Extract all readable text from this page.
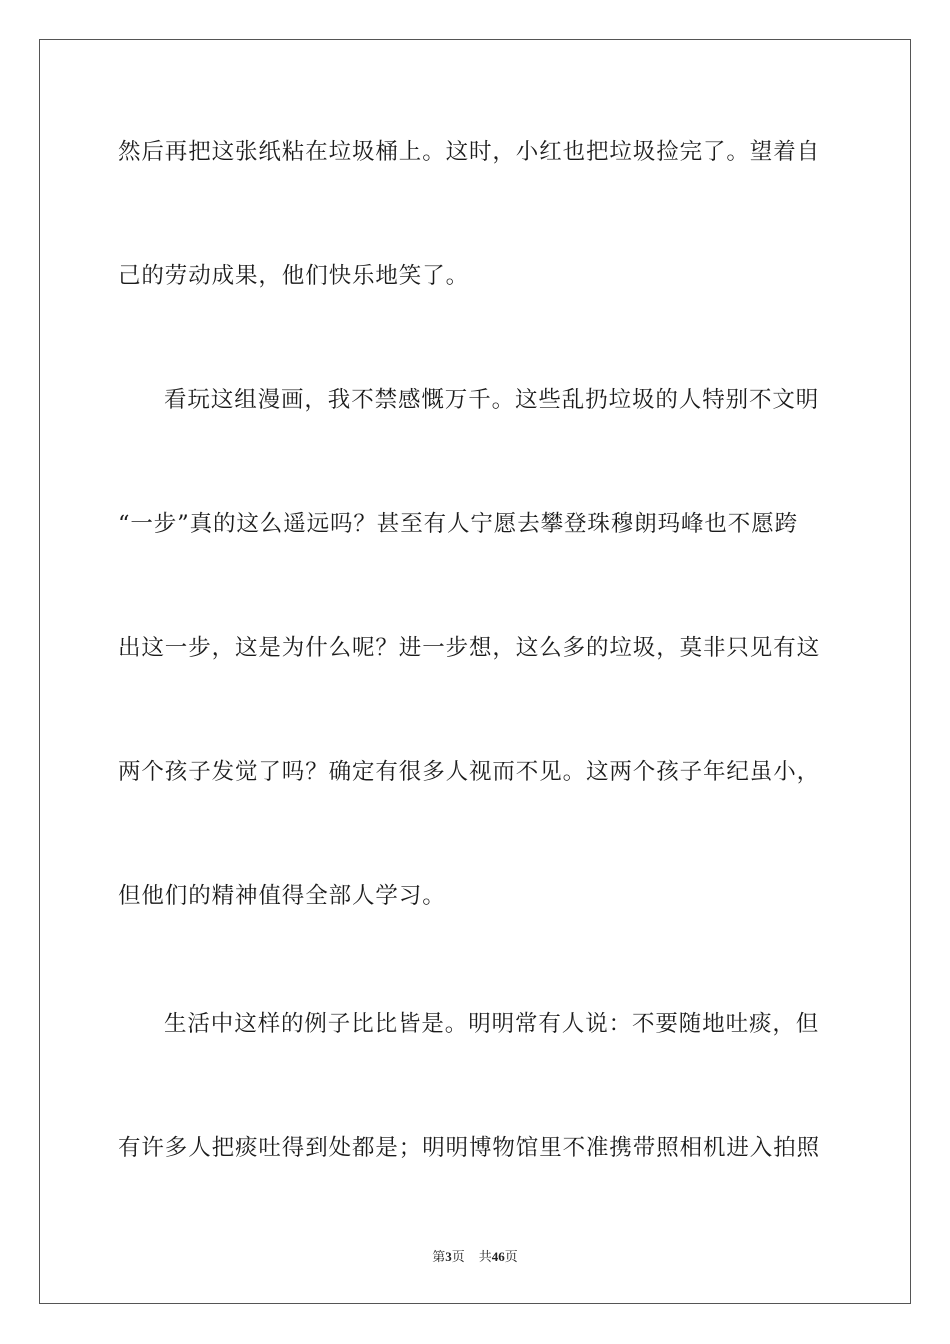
然后再把这张纸粘在垃圾桶上。这时，小红也把垃圾捡完了。望着自
己的劳动成果，他们快乐地笑了。
看玩这组漫画，我不禁感慨万千。这些乱扔垃圾的人特别不文明
“一步”真的这么遥远吗？甚至有人宁愿去攀登珠穆朗玛峰也不愿跨
出这一步，这是为什么呢？进一步想，这么多的垃圾，莫非只见有这
两个孩子发觉了吗？确定有很多人视而不见。这两个孩子年纪虽小，
但他们的精神值得全部人学习。
生活中这样的例子比比皆是。明明常有人说：不要随地吐痰，但
有许多人把痰吐得到处都是；明明博物馆里不准携带照相机进入拍照
第3页 共46页
